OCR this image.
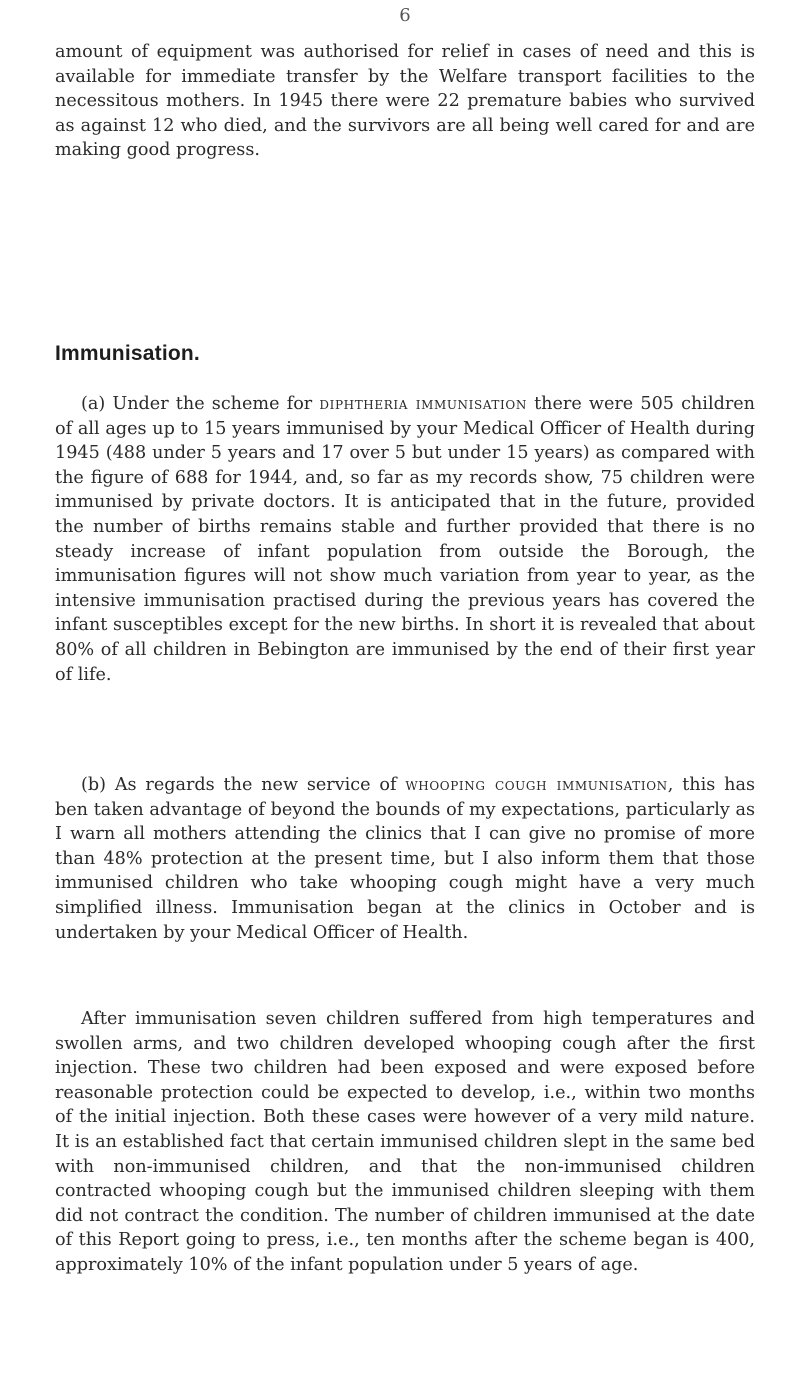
6

amount of equipment was authorised for relief in cases of need and this is available for immediate transfer by the Welfare transport facilities to the necessitous mothers. In 1945 there were 22 premature babies who survived as against 12 who died, and the survivors are all being well cared for and are making good progress.

Immunisation.

(a) Under the scheme for diphtheria immunisation there were 505 children of all ages up to 15 years immunised by your Medical Officer of Health during 1945 (488 under 5 years and 17 over 5 but under 15 years) as compared with the figure of 688 for 1944, and, so far as my records show, 75 children were immunised by private doctors. It is anticipated that in the future, provided the number of births remains stable and further provided that there is no steady increase of infant population from outside the Borough, the immunisation figures will not show much variation from year to year, as the intensive immunisation practised during the previous years has covered the infant susceptibles except for the new births. In short it is revealed that about 80% of all children in Bebington are immunised by the end of their first year of life.

(b) As regards the new service of whooping cough immunisation, this has ben taken advantage of beyond the bounds of my expectations, particularly as I warn all mothers attending the clinics that I can give no promise of more than 48% protection at the present time, but I also inform them that those immunised children who take whooping cough might have a very much simplified illness. Immunisation began at the clinics in October and is undertaken by your Medical Officer of Health.

After immunisation seven children suffered from high temperatures and swollen arms, and two children developed whooping cough after the first injection. These two children had been exposed and were exposed before reasonable protection could be expected to develop, i.e., within two months of the initial injection. Both these cases were however of a very mild nature. It is an established fact that certain immunised children slept in the same bed with non-immunised children, and that the non-immunised children contracted whooping cough but the immunised children sleeping with them did not contract the condition. The number of children immunised at the date of this Report going to press, i.e., ten months after the scheme began is 400, approximately 10% of the infant population under 5 years of age.
